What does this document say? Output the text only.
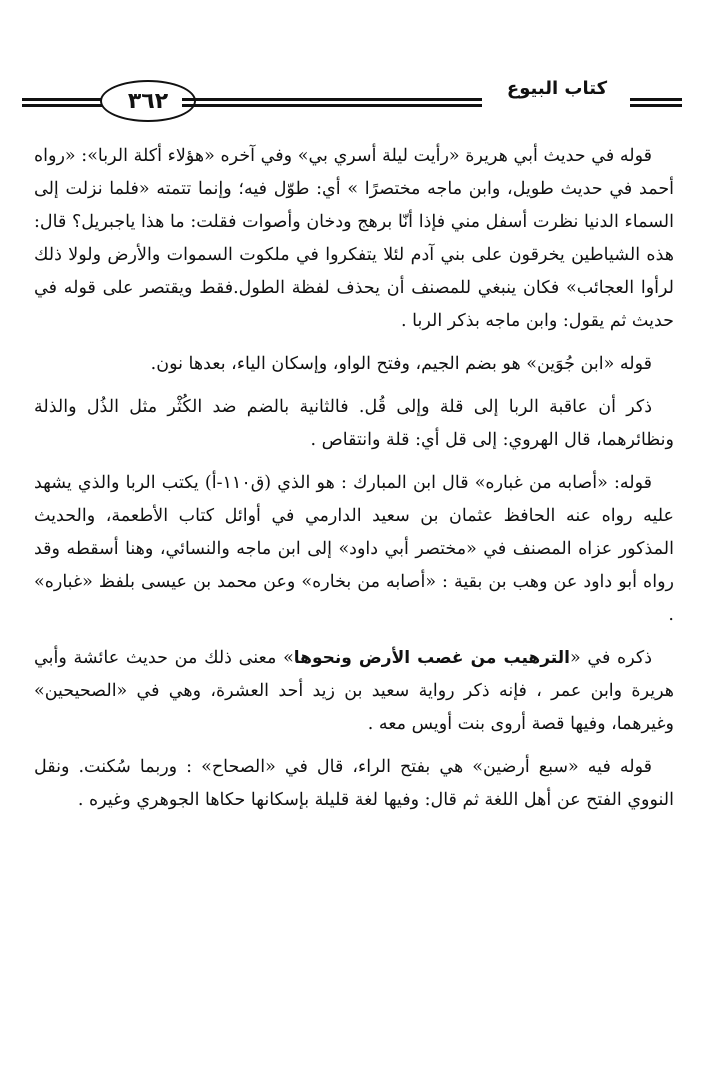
٣٦٢	كتاب البيوع

قوله في حديث أبي هريرة «رأيت ليلة أسري بي» وفي آخره «هؤلاء أكلة الربا»: «رواه أحمد في حديث طويل، وابن ماجه مختصرًا » أي: طوّل فيه؛ وإنما تتمته «فلما نزلت إلى السماء الدنيا نظرت أسفل مني فإذا أنّا برهج ودخان وأصوات فقلت: ما هذا ياجبريل؟ قال: هذه الشياطين يخرقون على بني آدم لئلا يتفكروا في ملكوت السموات والأرض ولولا ذلك لرأوا العجائب» فكان ينبغي للمصنف أن يحذف لفظة الطول.فقط ويقتصر على قوله في حديث ثم يقول: وابن ماجه بذكر الربا .

قوله «ابن جُوَين» هو بضم الجيم، وفتح الواو، وإسكان الياء، بعدها نون.

ذكر أن عاقبة الربا إلى قلة وإلى قُل. فالثانية بالضم ضد الكُثْر مثل الذُل والذلة ونظائرهما، قال الهروي: إلى قل أي: قلة وانتقاص .

قوله: «أصابه من غباره» قال ابن المبارك : هو الذي (ق١١٠-أ) يكتب الربا والذي يشهد عليه رواه عنه الحافظ عثمان بن سعيد الدارمي في أوائل كتاب الأطعمة، والحديث المذكور عزاه المصنف في «مختصر أبي داود» إلى ابن ماجه والنسائي، وهنا أسقطه وقد رواه أبو داود عن وهب بن بقية : «أصابه من بخاره» وعن محمد بن عيسى بلفظ «غباره» .

ذكره في «الترهيب من غصب الأرض ونحوها» معنى ذلك من حديث عائشة وأبي هريرة وابن عمر ، فإنه ذكر رواية سعيد بن زيد أحد العشرة، وهي في «الصحيحين» وغيرهما، وفيها قصة أروى بنت أويس معه .

قوله فيه «سبع أرضين» هي بفتح الراء، قال في «الصحاح» : وربما سُكنت. ونقل النووي الفتح عن أهل اللغة ثم قال: وفيها لغة قليلة بإسكانها حكاها الجوهري وغيره .
